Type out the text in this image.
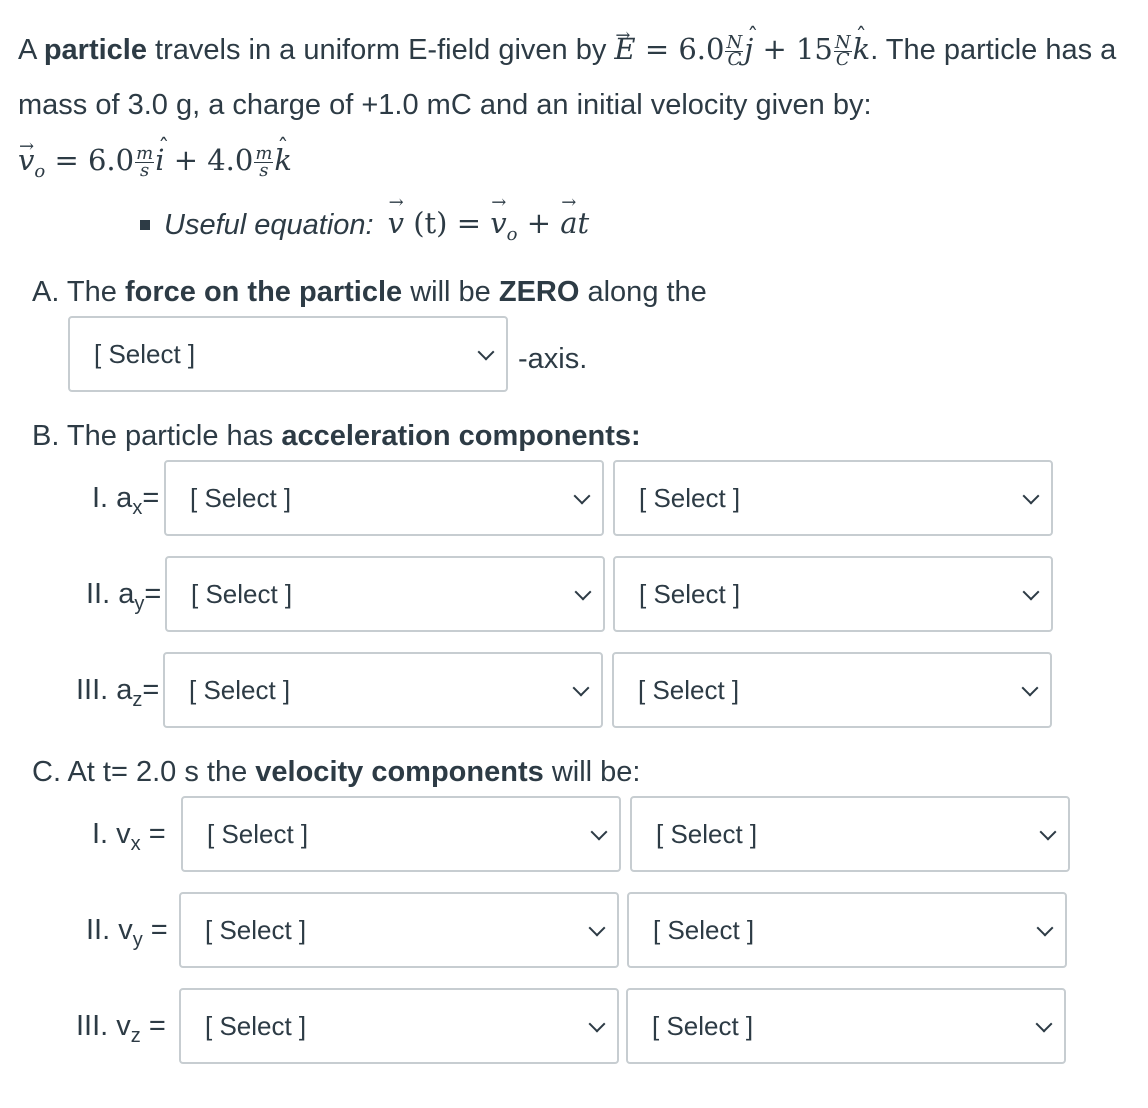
A particle travels in a uniform E-field given by → $E = 6.0 \frac{N}{C}$ ˆ $j + 15 \frac{N}{C}$ ˆ k. The particle has a mass of 3.0 g, a charge of +1.0 mC and an initial velocity given by:
→ $v_o = 6.0 \frac{m}{s}$ ˆ $i + 4.0 \frac{m}{s}$ ˆ k
Useful equation: → v (t) = → $v_o$ + → at
A. The force on the particle will be ZERO along the
[ Select ]	-axis.
B. The particle has acceleration components:
I. $a_x=$ [ Select ]	[ Select ]
II. $a_y=$ [ Select ]	[ Select ]
III. $a_z=$ [ Select ]	[ Select ]
C. At t= 2.0 s the velocity components will be:
I. $v_x$ = [ Select ]	[ Select ]
II. $v_y$ = [ Select ]	[ Select ]
III. $v_z$ = [ Select ]	[ Select ]
